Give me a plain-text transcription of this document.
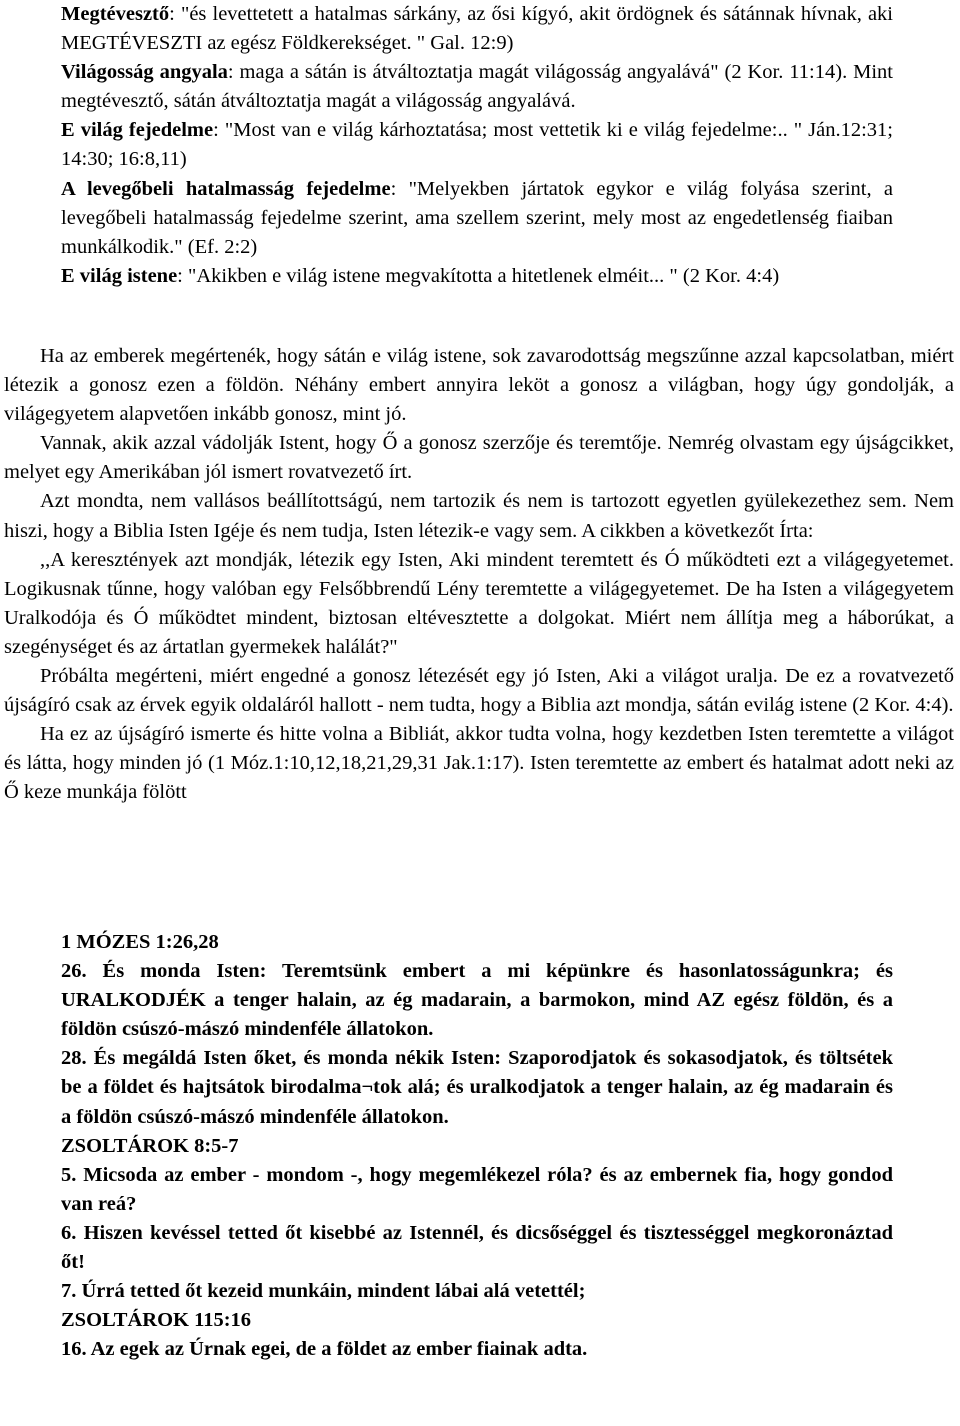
Megtévesztő: "és levettetett a hatalmas sárkány, az ősi kígyó, akit ördögnek és sátánnak hívnak, aki MEGTÉVESZTI az egész Földkerekséget. " Gal. 12:9)

Világosság angyala: maga a sátán is átváltoztatja magát világosság angyalává" (2 Kor. 11:14). Mint megtévesztő, sátán átváltoztatja magát a világosság angyalává.

E világ fejedelme: "Most van e világ kárhoztatása; most vettetik ki e világ fejedelme:.. " Ján.12:31; 14:30; 16:8,11)

A levegőbeli hatalmasság fejedelme: "Melyekben jártatok egykor e világ folyása szerint, a levegőbeli hatalmasság fejedelme szerint, ama szellem szerint, mely most az engedetlenség fiaiban munkálkodik." (Ef. 2:2)

E világ istene: "Akikben e világ istene megvakította a hitetlenek elméit... " (2 Kor. 4:4)

Ha az emberek megértenék, hogy sátán e világ istene, sok zavarodottság megszűnne azzal kapcsolatban, miért létezik a gonosz ezen a földön. Néhány embert annyira leköt a gonosz a világban, hogy úgy gondolják, a világegyetem alapvetően inkább gonosz, mint jó.

Vannak, akik azzal vádolják Istent, hogy Ő a gonosz szerzője és teremtője. Nemrég olvastam egy újságcikket, melyet egy Amerikában jól ismert rovatvezető írt.

Azt mondta, nem vallásos beállítottságú, nem tartozik és nem is tartozott egyetlen gyülekezethez sem. Nem hiszi, hogy a Biblia Isten Igéje és nem tudja, Isten létezik-e vagy sem. A cikkben a következőt Írta:

,,A keresztények azt mondják, létezik egy Isten, Aki mindent teremtett és Ó működteti ezt a világegyetemet. Logikusnak tűnne, hogy valóban egy Felsőbbrendű Lény teremtette a világegyetemet. De ha Isten a világegyetem Uralkodója és Ó működtet mindent, biztosan eltévesztette a dolgokat. Miért nem állítja meg a háborúkat, a szegénységet és az ártatlan gyermekek halálát?"

Próbálta megérteni, miért engedné a gonosz létezését egy jó Isten, Aki a világot uralja. De ez a rovatvezető újságíró csak az érvek egyik oldaláról hallott - nem tudta, hogy a Biblia azt mondja, sátán evilág istene (2 Kor. 4:4).

Ha ez az újságíró ismerte és hitte volna a Bibliát, akkor tudta volna, hogy kezdetben Isten teremtette a világot és látta, hogy minden jó (1 Móz.1:10,12,18,21,29,31 Jak.1:17). Isten teremtette az embert és hatalmat adott neki az Ő keze munkája fölött

1 MÓZES 1:26,28

26. És monda Isten: Teremtsünk embert a mi képünkre és hasonlatosságunkra; és URALKODJÉK a tenger halain, az ég madarain, a barmokon, mind AZ egész földön, és a földön csúszó-mászó mindenféle állatokon.

28. És megáldá Isten őket, és monda nékik Isten: Szaporodjatok és sokasodjatok, és töltsétek be a földet és hajtsátok birodalma¬tok alá; és uralkodjatok a tenger halain, az ég madarain és a földön csúszó-mászó mindenféle állatokon.

ZSOLTÁROK 8:5-7

5. Micsoda az ember - mondom -, hogy megemlékezel róla? és az embernek fia, hogy gondod van reá?

6. Hiszen kevéssel tetted őt kisebbé az Istennél, és dicsőséggel és tisztességgel megkoronáztad őt!

7. Úrrá tetted őt kezeid munkáin, mindent lábai alá vetettél;

ZSOLTÁROK 115:16

16. Az egek az Úrnak egei, de a földet az ember fiainak adta.
